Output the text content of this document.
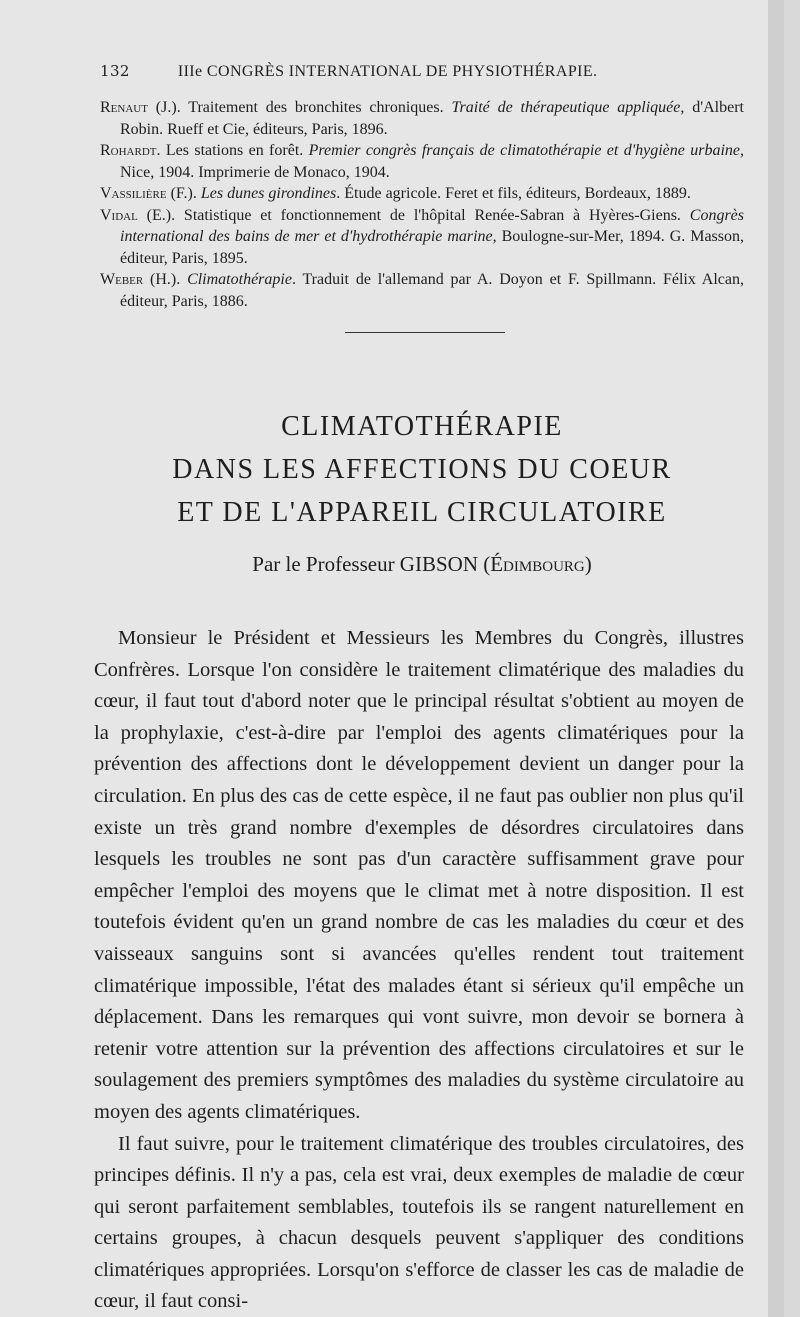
132	IIIe CONGRÈS INTERNATIONAL DE PHYSIOTHÉRAPIE.

Renaut (J.). Traitement des bronchites chroniques. Traité de thérapeutique appliquée, d'Albert Robin. Rueff et Cie, éditeurs, Paris, 1896.

Rohardt. Les stations en forêt. Premier congrès français de climatothérapie et d'hygiène urbaine, Nice, 1904. Imprimerie de Monaco, 1904.

Vassilière (F.). Les dunes girondines. Étude agricole. Feret et fils, éditeurs, Bordeaux, 1889.

Vidal (E.). Statistique et fonctionnement de l'hôpital Renée-Sabran à Hyères-Giens. Congrès international des bains de mer et d'hydrothérapie marine, Boulogne-sur-Mer, 1894. G. Masson, éditeur, Paris, 1895.

Weber (H.). Climatothérapie. Traduit de l'allemand par A. Doyon et F. Spillmann. Félix Alcan, éditeur, Paris, 1886.

CLIMATOTHÉRAPIE
DANS LES AFFECTIONS DU COEUR
ET DE L'APPAREIL CIRCULATOIRE
Par le Professeur GIBSON (Édimbourg)

Monsieur le Président et Messieurs les Membres du Congrès, illustres Confrères. Lorsque l'on considère le traitement climatérique des maladies du cœur, il faut tout d'abord noter que le principal résultat s'obtient au moyen de la prophylaxie, c'est-à-dire par l'emploi des agents climatériques pour la prévention des affections dont le développement devient un danger pour la circulation. En plus des cas de cette espèce, il ne faut pas oublier non plus qu'il existe un très grand nombre d'exemples de désordres circulatoires dans lesquels les troubles ne sont pas d'un caractère suffisamment grave pour empêcher l'emploi des moyens que le climat met à notre disposition. Il est toutefois évident qu'en un grand nombre de cas les maladies du cœur et des vaisseaux sanguins sont si avancées qu'elles rendent tout traitement climatérique impossible, l'état des malades étant si sérieux qu'il empêche un déplacement. Dans les remarques qui vont suivre, mon devoir se bornera à retenir votre attention sur la prévention des affections circulatoires et sur le soulagement des premiers symptômes des maladies du système circulatoire au moyen des agents climatériques.

Il faut suivre, pour le traitement climatérique des troubles circulatoires, des principes définis. Il n'y a pas, cela est vrai, deux exemples de maladie de cœur qui seront parfaitement semblables, toutefois ils se rangent naturellement en certains groupes, à chacun desquels peuvent s'appliquer des conditions climatériques appropriées. Lorsqu'on s'efforce de classer les cas de maladie de cœur, il faut consi-
